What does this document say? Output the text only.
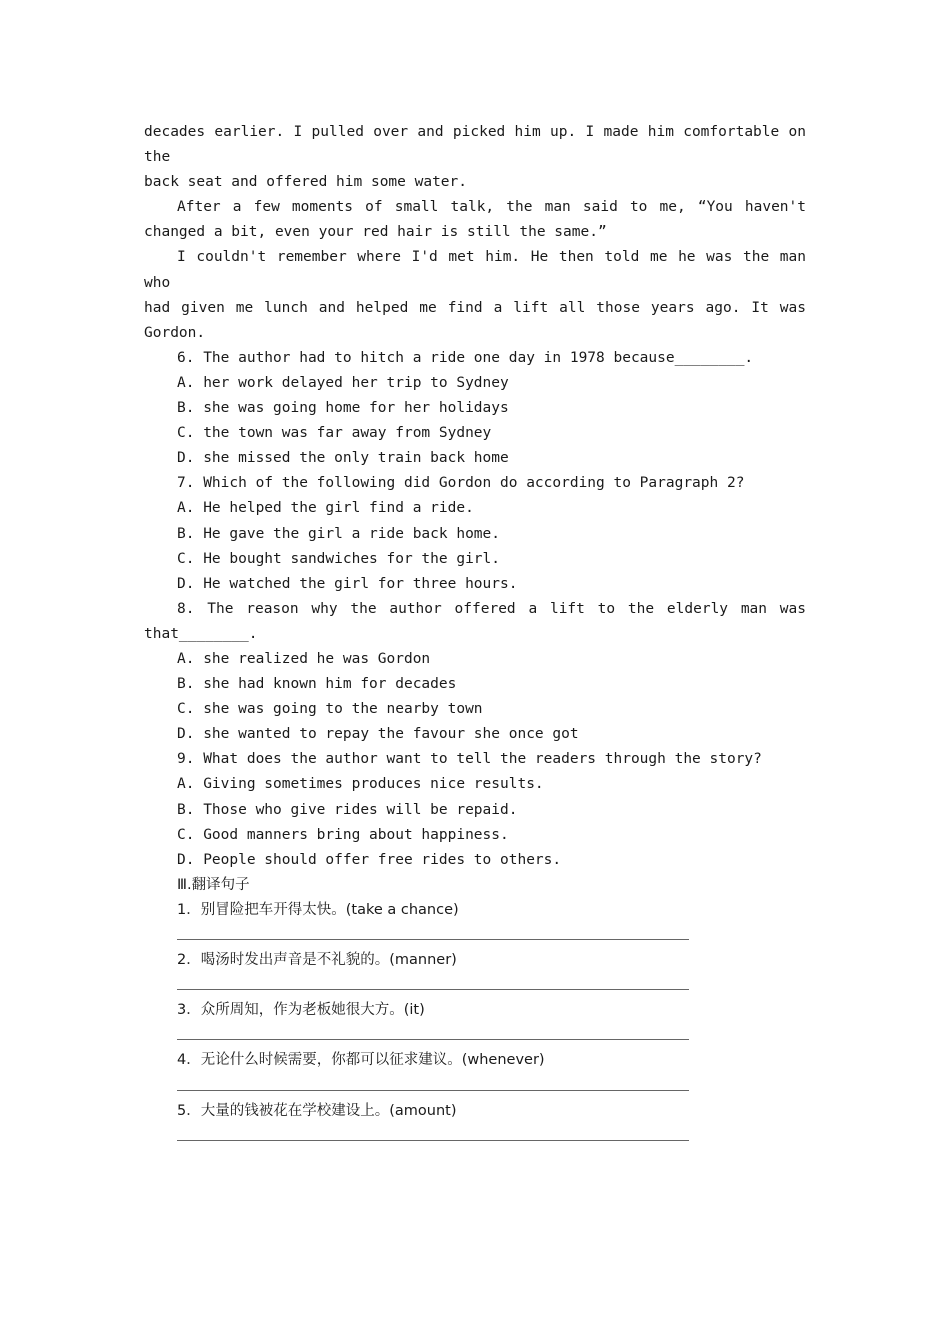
decades earlier. I pulled over and picked him up. I made him comfortable on the

back seat and offered him some water.

After a few moments of small talk, the man said to me, “You haven't

changed a bit, even your red hair is still the same.”

I couldn't remember where I'd met him. He then told me he was the man who

had given me lunch and helped me find a lift all those years ago. It was

Gordon.

6. The author had to hitch a ride one day in 1978 because________.

A. her work delayed her trip to Sydney

B. she was going home for her holidays

C. the town was far away from Sydney

D. she missed the only train back home

7. Which of the following did Gordon do according to Paragraph 2?

A. He helped the girl find a ride.

B. He gave the girl a ride back home.

C. He bought sandwiches for the girl.

D. He watched the girl for three hours.

8. The reason why the author offered a lift to the elderly man was

that________.

A. she realized he was Gordon

B. she had known him for decades

C. she was going to the nearby town

D. she wanted to repay the favour she once got

9. What does the author want to tell the readers through the story?

A. Giving sometimes produces nice results.

B. Those who give rides will be repaid.

C. Good manners bring about happiness.

D. People should offer free rides to others.

Ⅲ.翻译句子

1．别冒险把车开得太快。(take a chance)

2．喝汤时发出声音是不礼貌的。(manner)

3．众所周知，作为老板她很大方。(it)

4．无论什么时候需要，你都可以征求建议。(whenever)

5．大量的钱被花在学校建设上。(amount)
